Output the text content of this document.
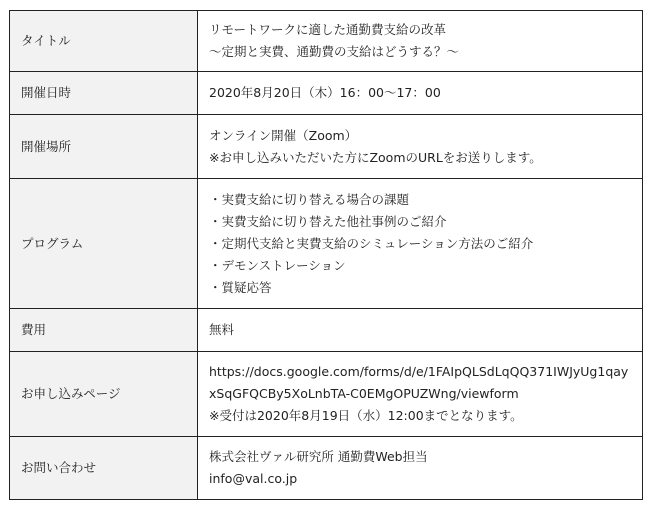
タイトル	リモートワークに適した通勤費支給の改革
〜定期と実費、通勤費の支給はどうする？〜

開催日時	2020年8月20日（木）16：00〜17：00

開催場所	オンライン開催（Zoom）
※お申し込みいただいた方にZoomのURLをお送りします。

プログラム	・実費支給に切り替える場合の課題
・実費支給に切り替えた他社事例のご紹介
・定期代支給と実費支給のシミュレーション方法のご紹介
・デモンストレーション
・質疑応答

費用	無料

お申し込みページ	https://docs.google.com/forms/d/e/1FAIpQLSdLqQQ371IWJyUg1qay
xSqGFQCBy5XoLnbTA-C0EMgOPUZWng/viewform
※受付は2020年8月19日（水）12:00までとなります。

お問い合わせ	株式会社ヴァル研究所 通勤費Web担当
info@val.co.jp
